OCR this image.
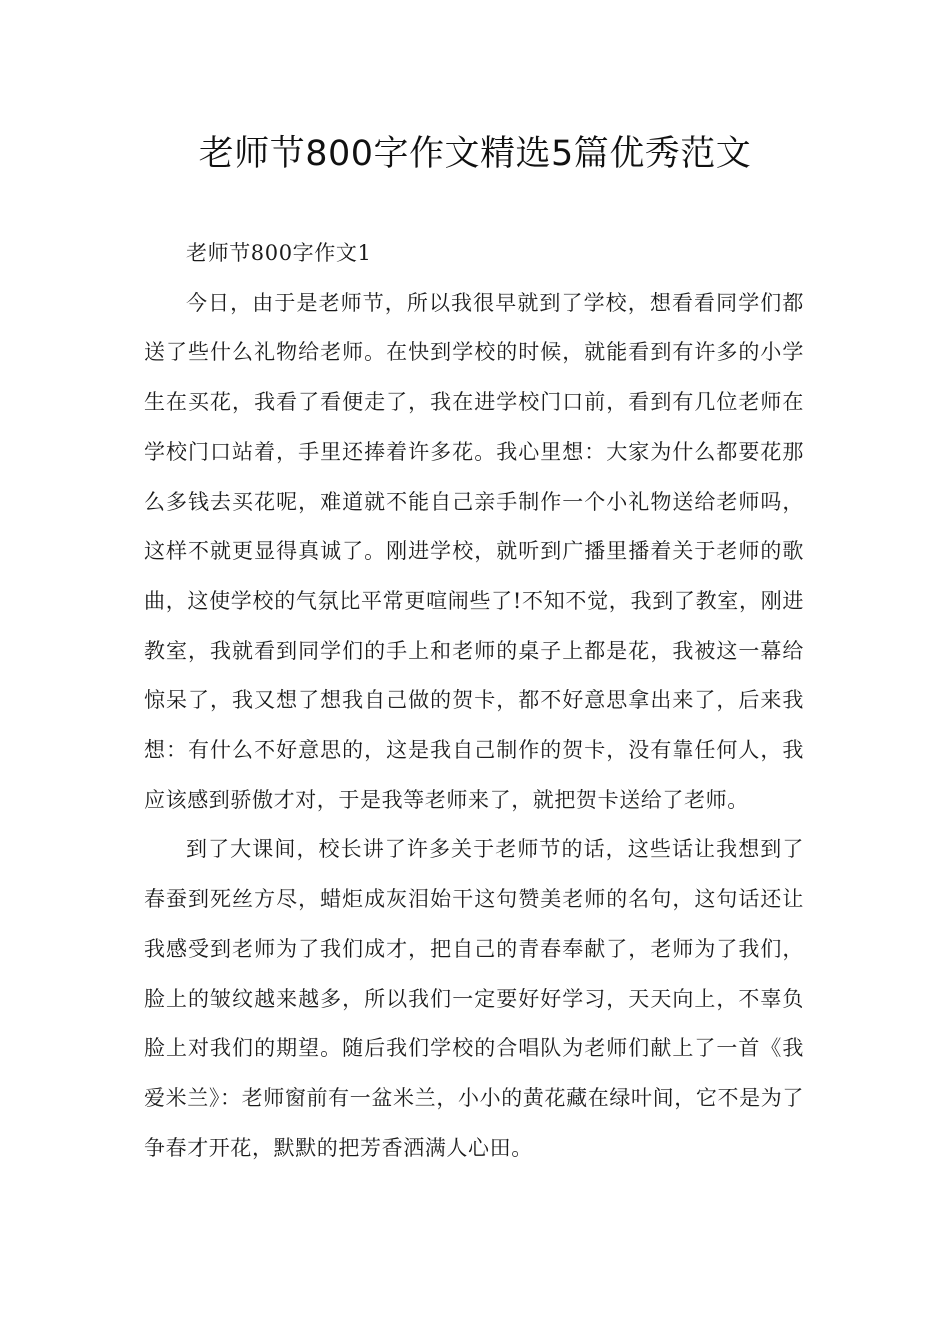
老师节800字作文精选5篇优秀范文

老师节800字作文1

今日，由于是老师节，所以我很早就到了学校，想看看同学们都送了些什么礼物给老师。在快到学校的时候，就能看到有许多的小学生在买花，我看了看便走了，我在进学校门口前，看到有几位老师在学校门口站着，手里还捧着许多花。我心里想：大家为什么都要花那么多钱去买花呢，难道就不能自己亲手制作一个小礼物送给老师吗，这样不就更显得真诚了。刚进学校，就听到广播里播着关于老师的歌曲，这使学校的气氛比平常更喧闹些了!不知不觉，我到了教室，刚进教室，我就看到同学们的手上和老师的桌子上都是花，我被这一幕给惊呆了，我又想了想我自己做的贺卡，都不好意思拿出来了，后来我想：有什么不好意思的，这是我自己制作的贺卡，没有靠任何人，我应该感到骄傲才对，于是我等老师来了，就把贺卡送给了老师。

到了大课间，校长讲了许多关于老师节的话，这些话让我想到了春蚕到死丝方尽，蜡炬成灰泪始干这句赞美老师的名句，这句话还让我感受到老师为了我们成才，把自己的青春奉献了，老师为了我们，脸上的皱纹越来越多，所以我们一定要好好学习，天天向上，不辜负脸上对我们的期望。随后我们学校的合唱队为老师们献上了一首《我爱米兰》：老师窗前有一盆米兰，小小的黄花藏在绿叶间，它不是为了争春才开花，默默的把芳香洒满人心田。
